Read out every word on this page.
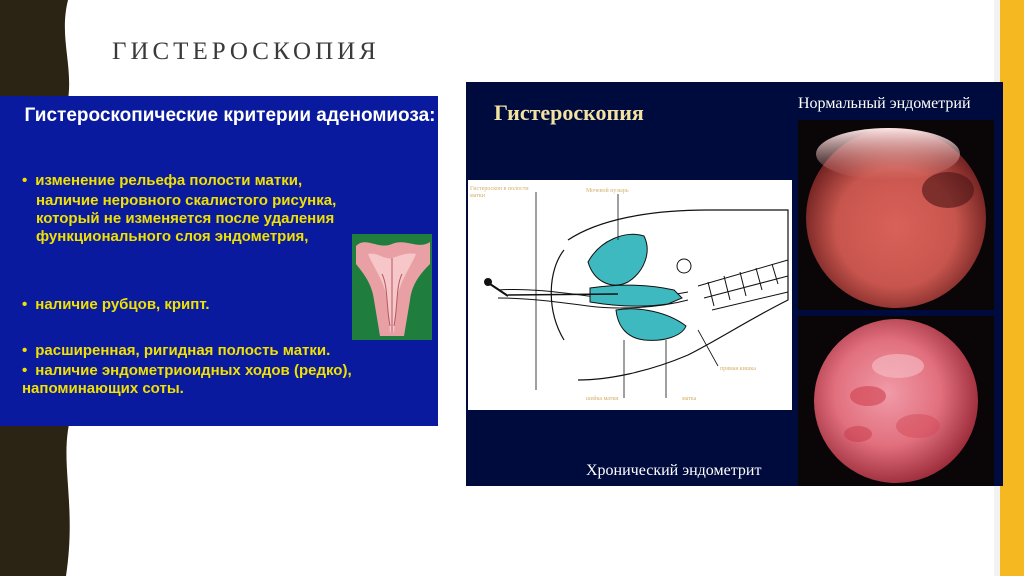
ГИСТЕРОСКОПИЯ
Гистероскопические критерии аденомиоза:
• изменение рельефа полости матки,
наличие неровного скалистого рисунка, который не изменяется после удаления функционального слоя эндометрия,
• наличие рубцов, крипт.
• расширенная, ригидная полость матки.
• наличие эндометриоидных ходов (редко), напоминающих соты.
Гистероскопия	Нормальный эндометрий
Хронический эндометрит
Гистероскоп в полости матки
Мочевой пузырь
прямая кишка
шейка матки	матка
